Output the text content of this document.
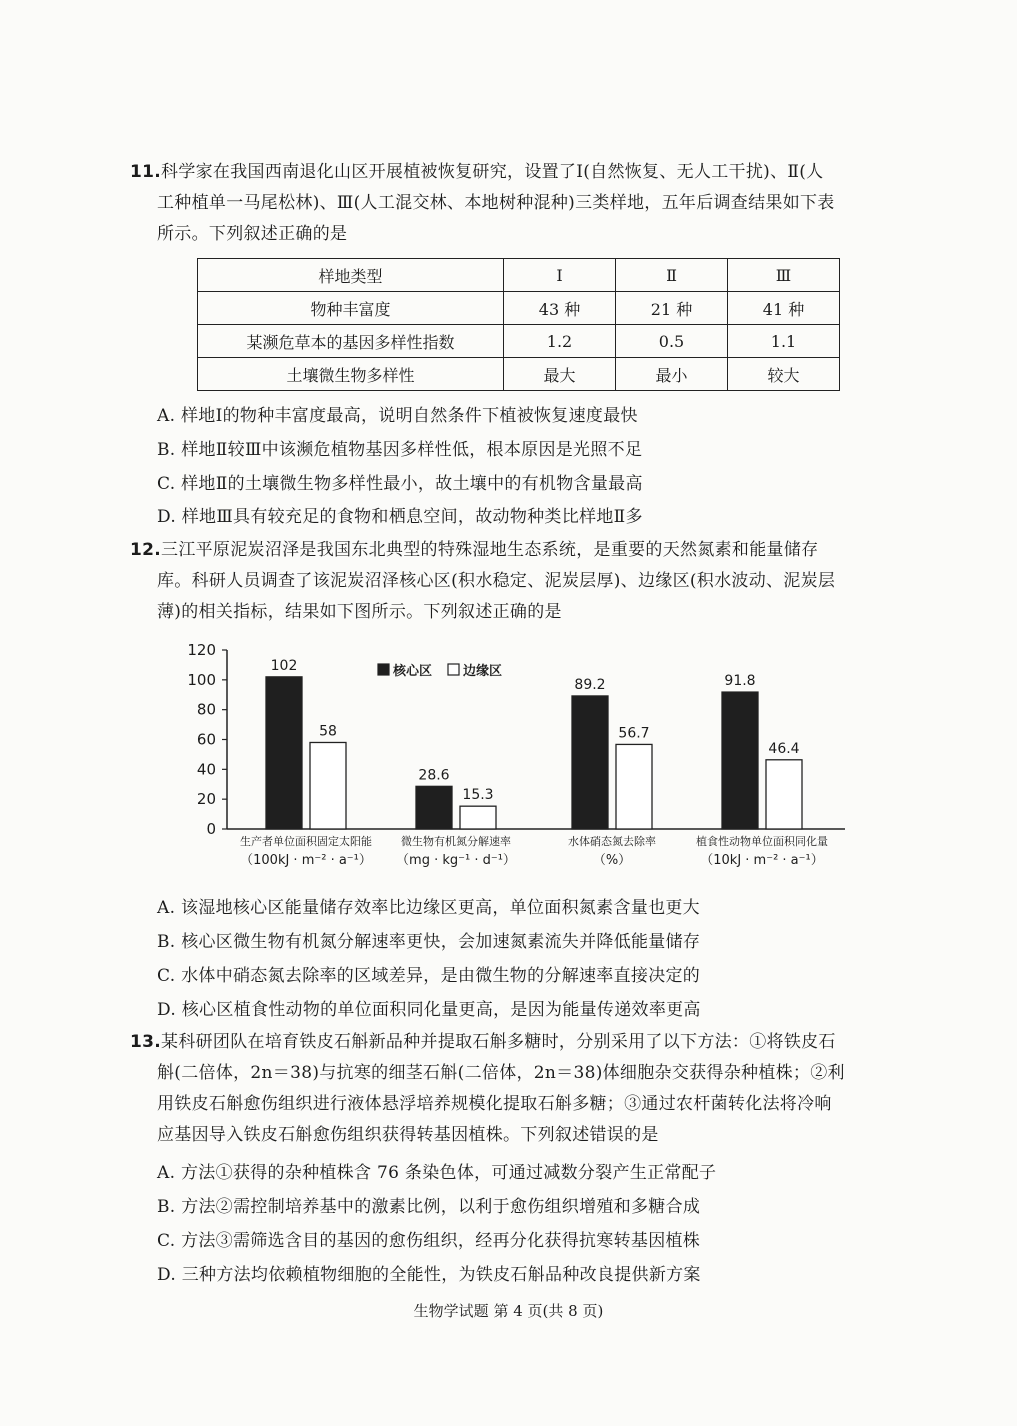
11.科学家在我国西南退化山区开展植被恢复研究，设置了Ⅰ(自然恢复、无人工干扰)、Ⅱ(人
工种植单一马尾松林)、Ⅲ(人工混交林、本地树种混种)三类样地，五年后调查结果如下表
所示。下列叙述正确的是
样地类型	Ⅰ	Ⅱ	Ⅲ
物种丰富度	43 种	21 种	41 种
某濒危草本的基因多样性指数	1.2	0.5	1.1
土壤微生物多样性	最大	最小	较大
A. 样地Ⅰ的物种丰富度最高，说明自然条件下植被恢复速度最快
B. 样地Ⅱ较Ⅲ中该濒危植物基因多样性低，根本原因是光照不足
C. 样地Ⅱ的土壤微生物多样性最小，故土壤中的有机物含量最高
D. 样地Ⅲ具有较充足的食物和栖息空间，故动物种类比样地Ⅱ多
12.三江平原泥炭沼泽是我国东北典型的特殊湿地生态系统，是重要的天然氮素和能量储存
库。科研人员调查了该泥炭沼泽核心区(积水稳定、泥炭层厚)、边缘区(积水波动、泥炭层
薄)的相关指标，结果如下图所示。下列叙述正确的是
0
20
40
60
80
100
120
102
58
生产者单位面积固定太阳能
（100kJ · m⁻² · a⁻¹）
28.6
15.3
微生物有机氮分解速率
（mg · kg⁻¹ · d⁻¹）
89.2
56.7
水体硝态氮去除率
（%）
91.8
46.4
植食性动物单位面积同化量
（10kJ · m⁻² · a⁻¹）
核心区 边缘区
A. 该湿地核心区能量储存效率比边缘区更高，单位面积氮素含量也更大
B. 核心区微生物有机氮分解速率更快，会加速氮素流失并降低能量储存
C. 水体中硝态氮去除率的区域差异，是由微生物的分解速率直接决定的
D. 核心区植食性动物的单位面积同化量更高，是因为能量传递效率更高
13.某科研团队在培育铁皮石斛新品种并提取石斛多糖时，分别采用了以下方法：①将铁皮石
斛(二倍体，2n＝38)与抗寒的细茎石斛(二倍体，2n＝38)体细胞杂交获得杂种植株；②利
用铁皮石斛愈伤组织进行液体悬浮培养规模化提取石斛多糖；③通过农杆菌转化法将冷响
应基因导入铁皮石斛愈伤组织获得转基因植株。下列叙述错误的是
A. 方法①获得的杂种植株含 76 条染色体，可通过减数分裂产生正常配子
B. 方法②需控制培养基中的激素比例，以利于愈伤组织增殖和多糖合成
C. 方法③需筛选含目的基因的愈伤组织，经再分化获得抗寒转基因植株
D. 三种方法均依赖植物细胞的全能性，为铁皮石斛品种改良提供新方案
生物学试题 第 4 页(共 8 页)
